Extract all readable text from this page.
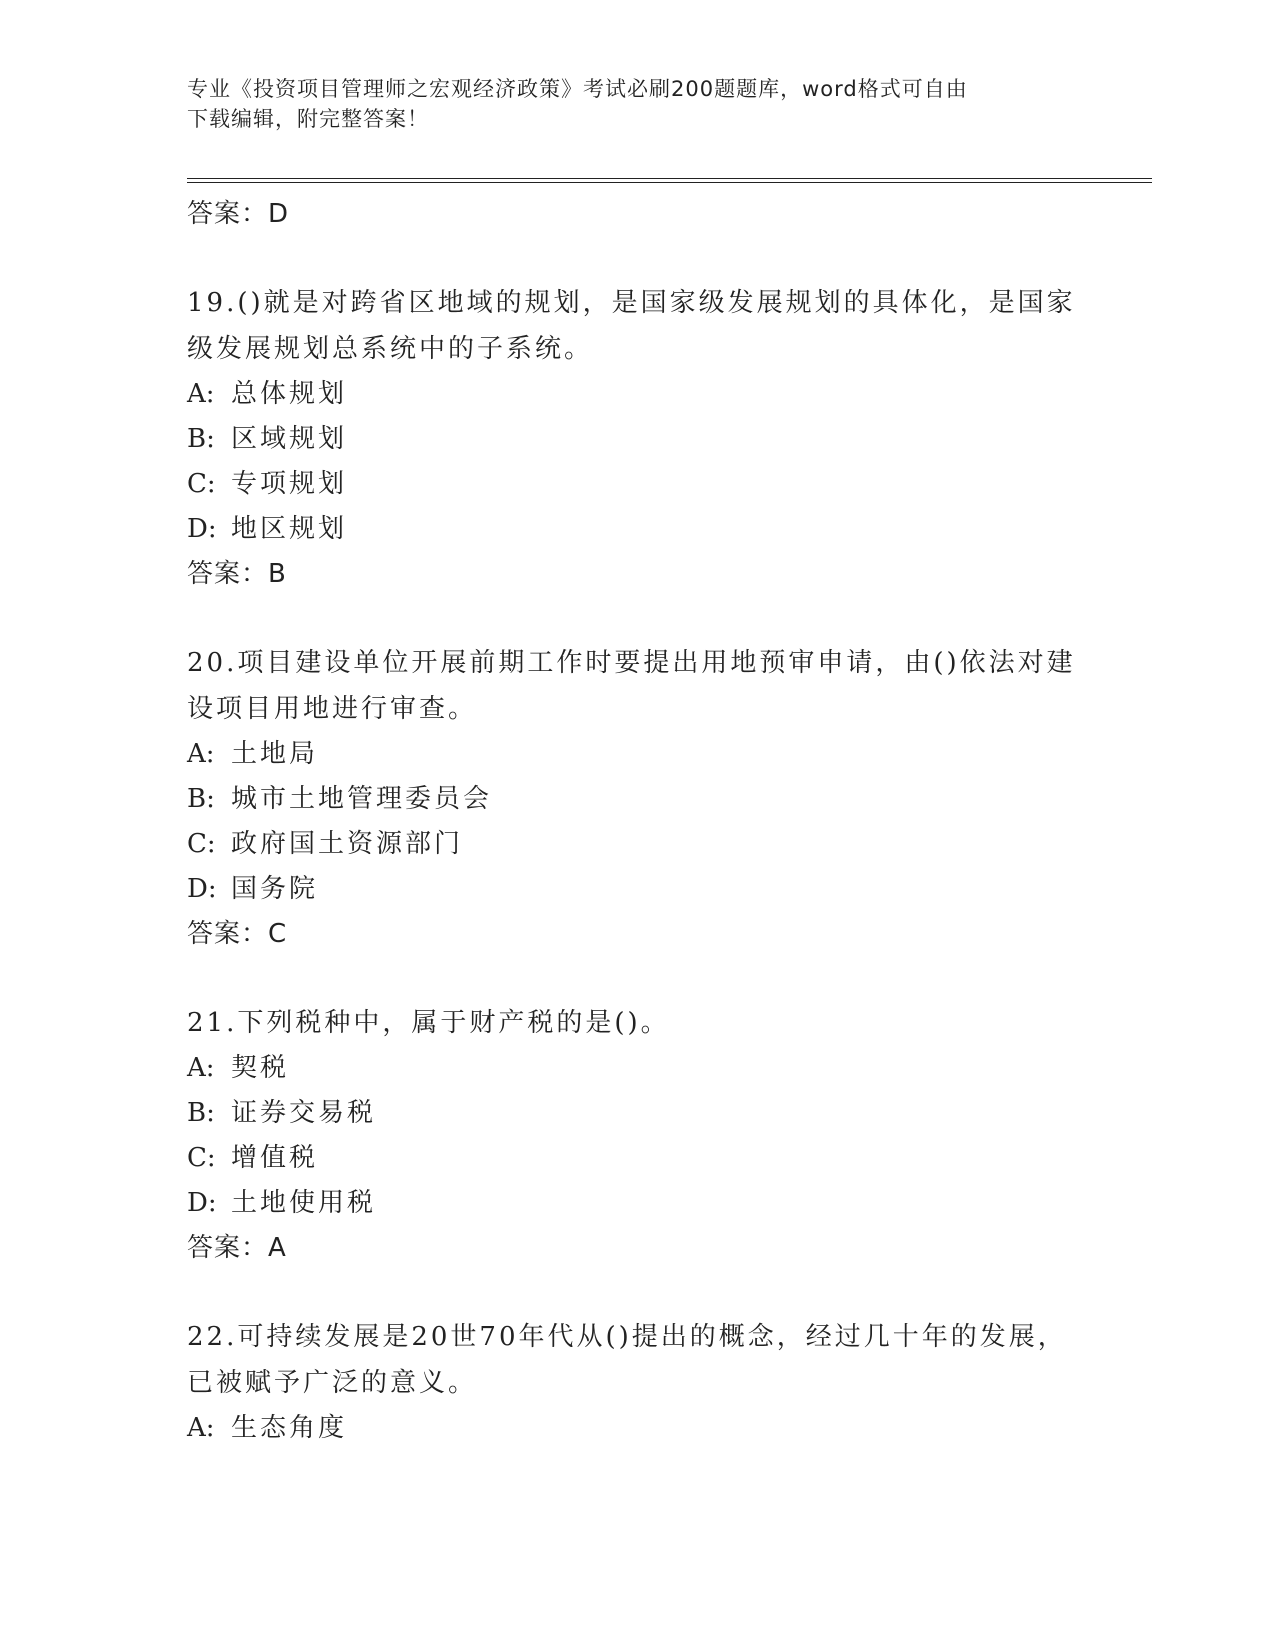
专业《投资项目管理师之宏观经济政策》考试必刷200题题库，word格式可自由
下载编辑，附完整答案！
答案：D
19.()就是对跨省区地域的规划，是国家级发展规划的具体化，是国家
级发展规划总系统中的子系统。
A: 总体规划
B: 区域规划
C: 专项规划
D: 地区规划
答案：B
20.项目建设单位开展前期工作时要提出用地预审申请，由()依法对建
设项目用地进行审查。
A: 土地局
B: 城市土地管理委员会
C: 政府国土资源部门
D: 国务院
答案：C
21.下列税种中，属于财产税的是()。
A: 契税
B: 证券交易税
C: 增值税
D: 土地使用税
答案：A
22.可持续发展是20世70年代从()提出的概念，经过几十年的发展，
已被赋予广泛的意义。
A: 生态角度
